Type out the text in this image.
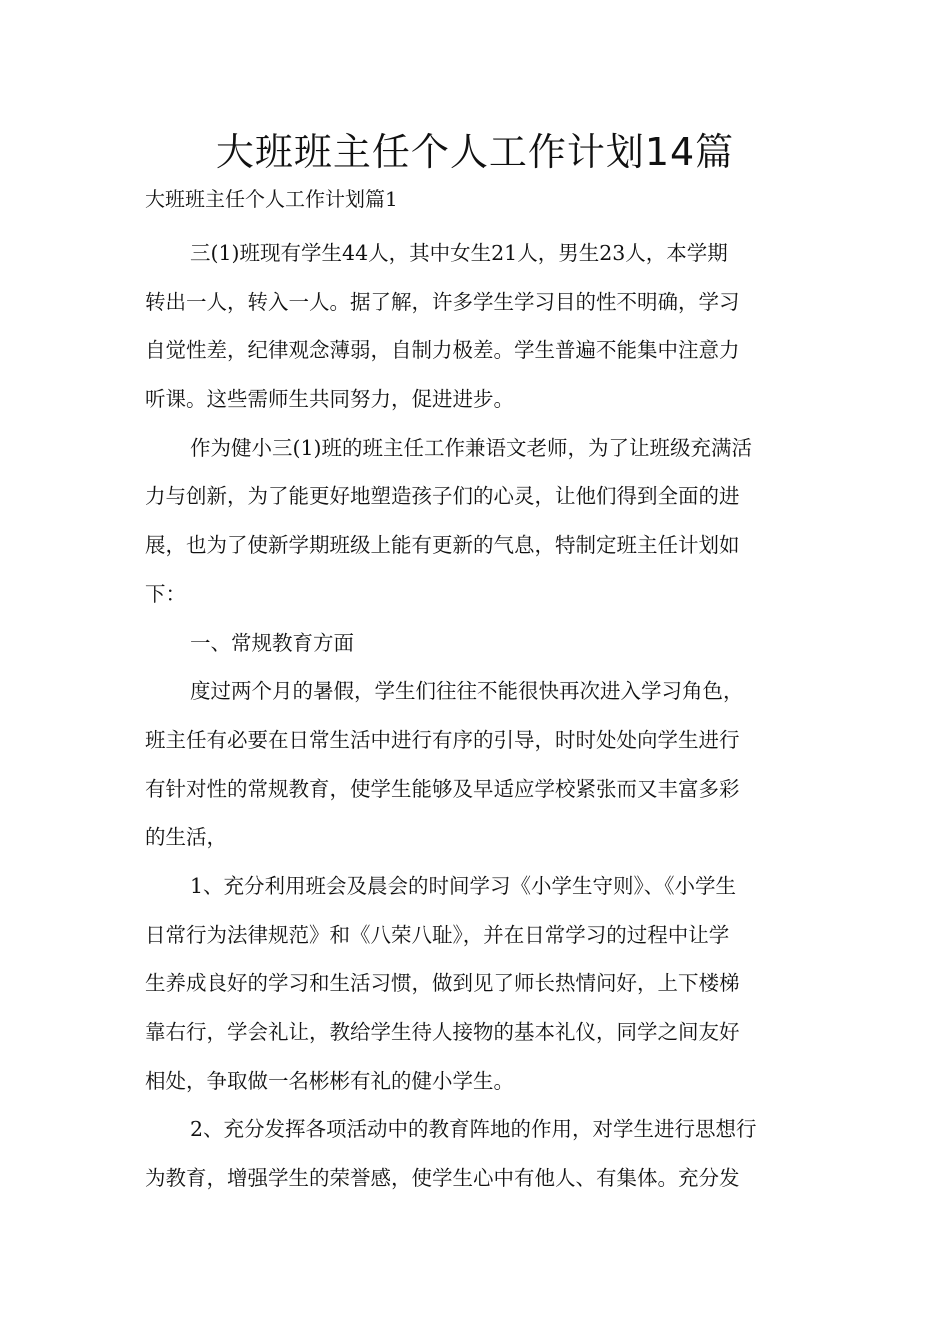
大班班主任个人工作计划14篇
大班班主任个人工作计划篇1
三(1)班现有学生44人，其中女生21人，男生23人，本学期
转出一人，转入一人。据了解，许多学生学习目的性不明确，学习
自觉性差，纪律观念薄弱，自制力极差。学生普遍不能集中注意力
听课。这些需师生共同努力，促进进步。
作为健小三(1)班的班主任工作兼语文老师，为了让班级充满活
力与创新，为了能更好地塑造孩子们的心灵，让他们得到全面的进
展，也为了使新学期班级上能有更新的气息，特制定班主任计划如
下：
一、常规教育方面
度过两个月的暑假，学生们往往不能很快再次进入学习角色，
班主任有必要在日常生活中进行有序的引导，时时处处向学生进行
有针对性的常规教育，使学生能够及早适应学校紧张而又丰富多彩
的生活，
1、充分利用班会及晨会的时间学习《小学生守则》、《小学生
日常行为法律规范》和《八荣八耻》，并在日常学习的过程中让学
生养成良好的学习和生活习惯，做到见了师长热情问好，上下楼梯
靠右行，学会礼让，教给学生待人接物的基本礼仪，同学之间友好
相处，争取做一名彬彬有礼的健小学生。
2、充分发挥各项活动中的教育阵地的作用，对学生进行思想行
为教育，增强学生的荣誉感，使学生心中有他人、有集体。充分发
